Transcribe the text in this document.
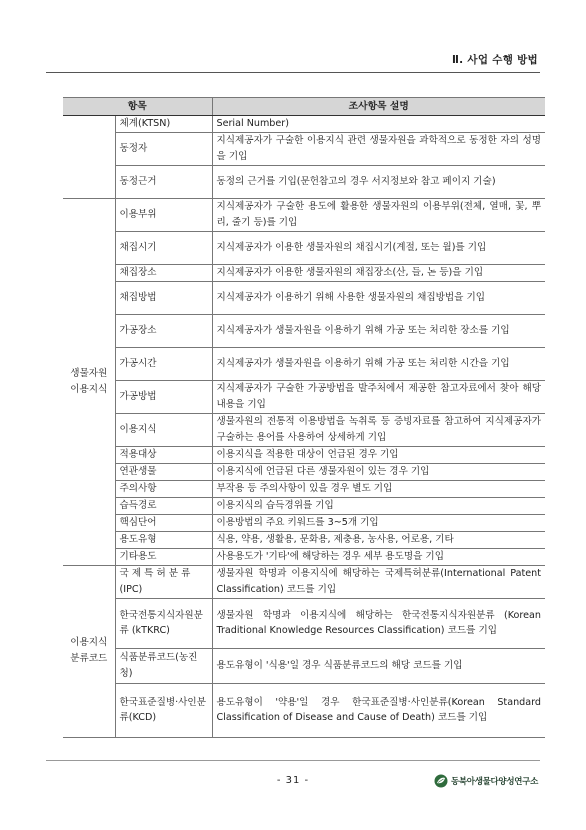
Ⅱ. 사업 수행 방법
항목		조사항목 설명
	체계(KTSN)	Serial Number)
	동정자	지식제공자가 구술한 이용지식 관련 생물자원을 과학적으로 동정한 자의 성명을 기입
	동정근거	동정의 근거를 기입(문헌참고의 경우 서지정보와 참고 페이지 기술)
생물자원 이용지식	이용부위	지식제공자가 구술한 용도에 활용한 생물자원의 이용부위(전체, 열매, 꽃, 뿌리, 줄기 등)를 기입
	채집시기	지식제공자가 이용한 생물자원의 채집시기(계절, 또는 월)를 기입
	채집장소	지식제공자가 이용한 생물자원의 채집장소(산, 들, 논 등)을 기입
	채집방법	지식제공자가 이용하기 위해 사용한 생물자원의 채집방법을 기입
	가공장소	지식제공자가 생물자원을 이용하기 위해 가공 또는 처리한 장소를 기입
	가공시간	지식제공자가 생물자원을 이용하기 위해 가공 또는 처리한 시간을 기입
	가공방법	지식제공자가 구술한 가공방법을 발주처에서 제공한 참고자료에서 찾아 해당 내용을 기입
	이용지식	생물자원의 전통적 이용방법을 녹취록 등 증빙자료를 참고하여 지식제공자가 구술하는 용어를 사용하여 상세하게 기입
	적용대상	이용지식을 적용한 대상이 언급된 경우 기입
	연관생물	이용지식에 언급된 다른 생물자원이 있는 경우 기입
	주의사항	부작용 등 주의사항이 있을 경우 별도 기입
	습득경로	이용지식의 습득경위를 기입
	핵심단어	이용방법의 주요 키워드를 3~5개 기입
	용도유형	식용, 약용, 생활용, 문화용, 제충용, 농사용, 어로용, 기타
	기타용도	사용용도가 '기타'에 해당하는 경우 세부 용도명을 기입
이용지식 분류코드	국 제 특 허 분 류 (IPC)	생물자원 학명과 이용지식에 해당하는 국제특허분류(International Patent Classification) 코드를 기입
	한국전통지식자원분류 (kTKRC)	생물자원 학명과 이용지식에 해당하는 한국전통지식자원분류 (Korean Traditional Knowledge Resources Classification) 코드를 기입
	식품분류코드(농진청)	용도유형이 '식용'일 경우 식품분류코드의 해당 코드를 기입
	한국표준질병·사인분류(KCD)	용도유형이 '약용'일 경우 한국표준질병·사인분류(Korean Standard Classification of Disease and Cause of Death) 코드를 기입
- 31 -	동북아생물다양성연구소
